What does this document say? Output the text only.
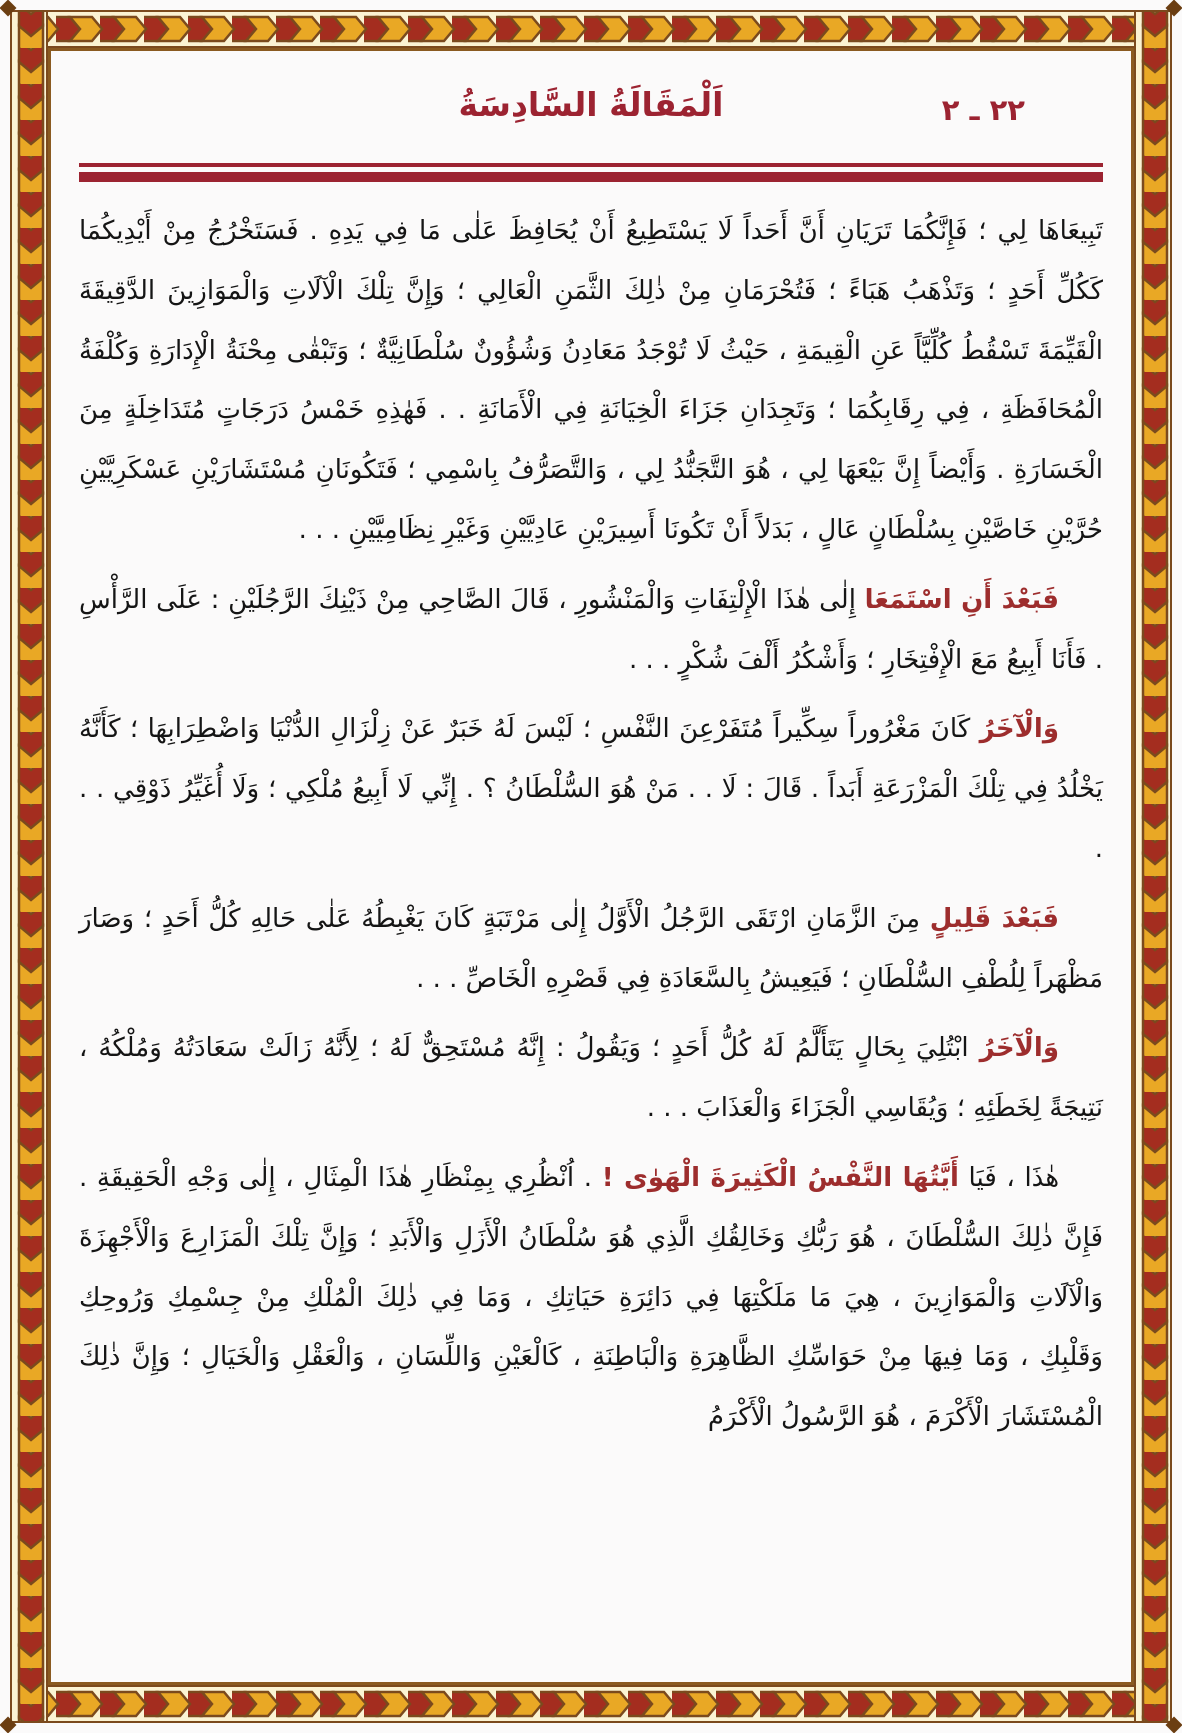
اَلْمَقَالَةُ السَّادِسَةُ	٢٢ ـ ٢

تَبِيعَاهَا لِي ؛ فَإِنَّكُمَا تَرَيَانِ أَنَّ أَحَداً لَا يَسْتَطِيعُ أَنْ يُحَافِظَ عَلٰى مَا فِي يَدِهِ . فَسَتَخْرُجُ مِنْ أَيْدِيكُمَا كَكُلِّ أَحَدٍ ؛ وَتَذْهَبُ هَبَاءً ؛ فَتُحْرَمَانِ مِنْ ذٰلِكَ الثَّمَنِ الْعَالِي ؛ وَإِنَّ تِلْكَ الْآلَاتِ وَالْمَوَازِينَ الدَّقِيقَةَ الْقَيِّمَةَ تَسْقُطُ كُلِّيَّاً عَنِ الْقِيمَةِ ، حَيْثُ لَا تُوْجَدُ مَعَادِنُ وَشُؤُونٌ سُلْطَانِيَّةٌ ؛ وَتَبْقٰى مِحْنَةُ الْإِدَارَةِ وَكُلْفَةُ الْمُحَافَظَةِ ، فِي رِقَابِكُمَا ؛ وَتَجِدَانِ جَزَاءَ الْخِيَانَةِ فِي الْأَمَانَةِ . . فَهٰذِهِ خَمْسُ دَرَجَاتٍ مُتَدَاخِلَةٍ مِنَ الْخَسَارَةِ . وَأَيْضاً إِنَّ بَيْعَهَا لِي ، هُوَ التَّجَنُّدُ لِي ، وَالتَّصَرُّفُ بِاسْمِي ؛ فَتَكُونَانِ مُسْتَشَارَيْنِ عَسْكَرِيَّيْنِ حُرَّيْنِ خَاصَّيْنِ بِسُلْطَانٍ عَالٍ ، بَدَلاً أَنْ تَكُونَا أَسِيرَيْنِ عَادِيَّيْنِ وَغَيْرِ نِظَامِيَّيْنِ . . .

فَبَعْدَ أَنِ اسْتَمَعَا إِلٰى هٰذَا الْإِلْتِفَاتِ وَالْمَنْشُورِ ، قَالَ الصَّاحِي مِنْ ذَيْنِكَ الرَّجُلَيْنِ : عَلَى الرَّأْسِ . فَأَنَا أَبِيعُ مَعَ الْإِفْتِخَارِ ؛ وَأَشْكُرُ أَلْفَ شُكْرٍ . . .

وَالْآخَرُ كَانَ مَغْرُوراً سِكِّيراً مُتَفَرْعِنَ النَّفْسِ ؛ لَيْسَ لَهُ خَبَرٌ عَنْ زِلْزَالِ الدُّنْيَا وَاضْطِرَابِهَا ؛ كَأَنَّهُ يَخْلُدُ فِي تِلْكَ الْمَزْرَعَةِ أَبَداً . قَالَ : لَا . . مَنْ هُوَ السُّلْطَانُ ؟ . إِنِّي لَا أَبِيعُ مُلْكِي ؛ وَلَا أُغَيِّرُ ذَوْقِي . . .

فَبَعْدَ قَلِيلٍ مِنَ الزَّمَانِ ارْتَقَى الرَّجُلُ الْأَوَّلُ إِلٰى مَرْتَبَةٍ كَانَ يَغْبِطُهُ عَلٰى حَالِهِ كُلُّ أَحَدٍ ؛ وَصَارَ مَظْهَراً لِلُطْفِ السُّلْطَانِ ؛ فَيَعِيشُ بِالسَّعَادَةِ فِي قَصْرِهِ الْخَاصِّ . . .

وَالْآخَرُ ابْتُلِيَ بِحَالٍ يَتَأَلَّمُ لَهُ كُلُّ أَحَدٍ ؛ وَيَقُولُ : إِنَّهُ مُسْتَحِقٌّ لَهُ ؛ لِأَنَّهُ زَالَتْ سَعَادَتُهُ وَمُلْكُهُ ، نَتِيجَةً لِخَطَئِهِ ؛ وَيُقَاسِي الْجَزَاءَ وَالْعَذَابَ . . .

هٰذَا ، فَيَا أَيَّتُهَا النَّفْسُ الْكَثِيرَةَ الْهَوٰى ! . اُنْظُرِي بِمِنْظَارِ هٰذَا الْمِثَالِ ، إِلٰى وَجْهِ الْحَقِيقَةِ . فَإِنَّ ذٰلِكَ السُّلْطَانَ ، هُوَ رَبُّكِ وَخَالِقُكِ الَّذِي هُوَ سُلْطَانُ الْأَزَلِ وَالْأَبَدِ ؛ وَإِنَّ تِلْكَ الْمَزَارِعَ وَالْأَجْهِزَةَ وَالْآلَاتِ وَالْمَوَازِينَ ، هِيَ مَا مَلَكْتِهَا فِي دَائِرَةِ حَيَاتِكِ ، وَمَا فِي ذٰلِكَ الْمُلْكِ مِنْ جِسْمِكِ وَرُوحِكِ وَقَلْبِكِ ، وَمَا فِيهَا مِنْ حَوَاسِّكِ الظَّاهِرَةِ وَالْبَاطِنَةِ ، كَالْعَيْنِ وَاللِّسَانِ ، وَالْعَقْلِ وَالْخَيَالِ ؛ وَإِنَّ ذٰلِكَ الْمُسْتَشَارَ الْأَكْرَمَ ، هُوَ الرَّسُولُ الْأَكْرَمُ
